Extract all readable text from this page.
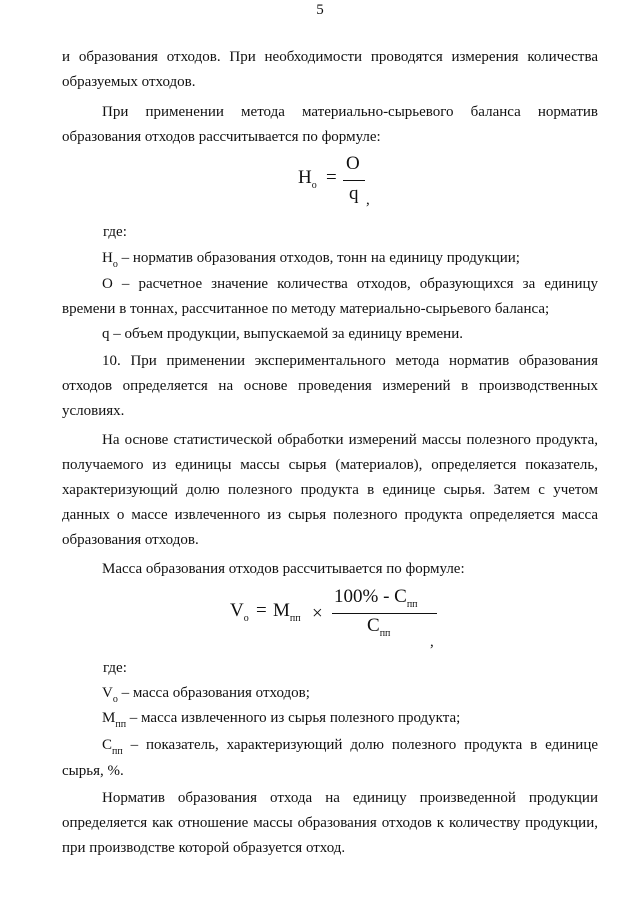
5

и образования отходов. При необходимости проводятся измерения количества образуемых отходов.

При применении метода материально-сырьевого баланса норматив образования отходов рассчитывается по формуле:

$Н_о$ =
О
q ,

где:

$Н_о$ – норматив образования отходов, тонн на единицу продукции;

О – расчетное значение количества отходов, образующихся за единицу времени в тоннах, рассчитанное по методу материально-сырьевого баланса;

q – объем продукции, выпускаемой за единицу времени.

10. При применении экспериментального метода норматив образования отходов определяется на основе проведения измерений в производственных условиях.

На основе статистической обработки измерений массы полезного продукта, получаемого из единицы массы сырья (материалов), определяется показатель, характеризующий долю полезного продукта в единице сырья. Затем с учетом данных о массе извлеченного из сырья полезного продукта определяется масса образования отходов.

Масса образования отходов рассчитывается по формуле:

$V_о = М_{пп}$ ×
$100\% - С_{пп}$
$С_{пп}$
,

где:

$V_о$ – масса образования отходов;

$М_{пп}$ – масса извлеченного из сырья полезного продукта;

$С_{пп}$ – показатель, характеризующий долю полезного продукта в единице сырья, %.

Норматив образования отхода на единицу произведенной продукции определяется как отношение массы образования отходов к количеству продукции, при производстве которой образуется отход.
